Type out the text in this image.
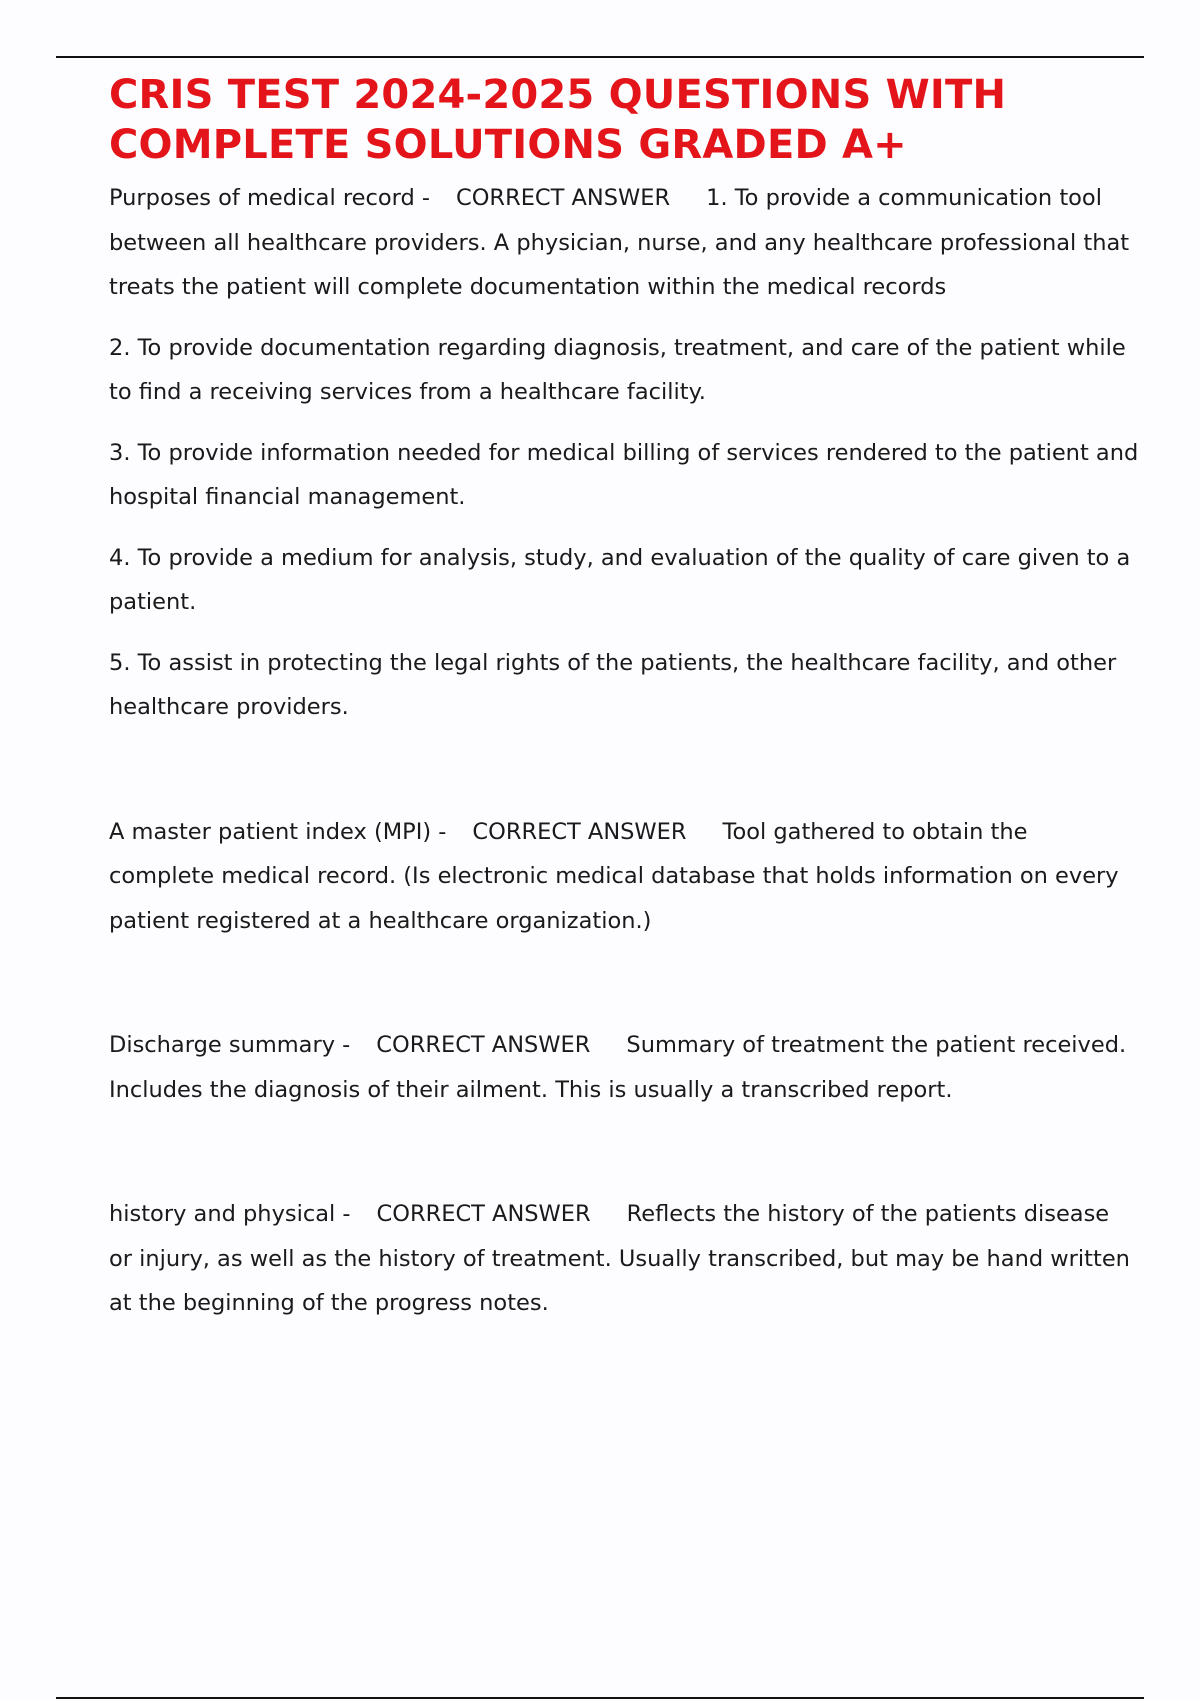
CRIS TEST 2024-2025 QUESTIONS WITH COMPLETE SOLUTIONS GRADED A+

Purposes of medical record - CORRECT ANSWER 1. To provide a communication tool between all healthcare providers. A physician, nurse, and any healthcare professional that treats the patient will complete documentation within the medical records

2. To provide documentation regarding diagnosis, treatment, and care of the patient while to find a receiving services from a healthcare facility.

3. To provide information needed for medical billing of services rendered to the patient and hospital financial management.

4. To provide a medium for analysis, study, and evaluation of the quality of care given to a patient.

5. To assist in protecting the legal rights of the patients, the healthcare facility, and other healthcare providers.

A master patient index (MPI) - CORRECT ANSWER Tool gathered to obtain the complete medical record. (Is electronic medical database that holds information on every patient registered at a healthcare organization.)

Discharge summary - CORRECT ANSWER Summary of treatment the patient received. Includes the diagnosis of their ailment. This is usually a transcribed report.

history and physical - CORRECT ANSWER Reflects the history of the patients disease or injury, as well as the history of treatment. Usually transcribed, but may be hand written at the beginning of the progress notes.
